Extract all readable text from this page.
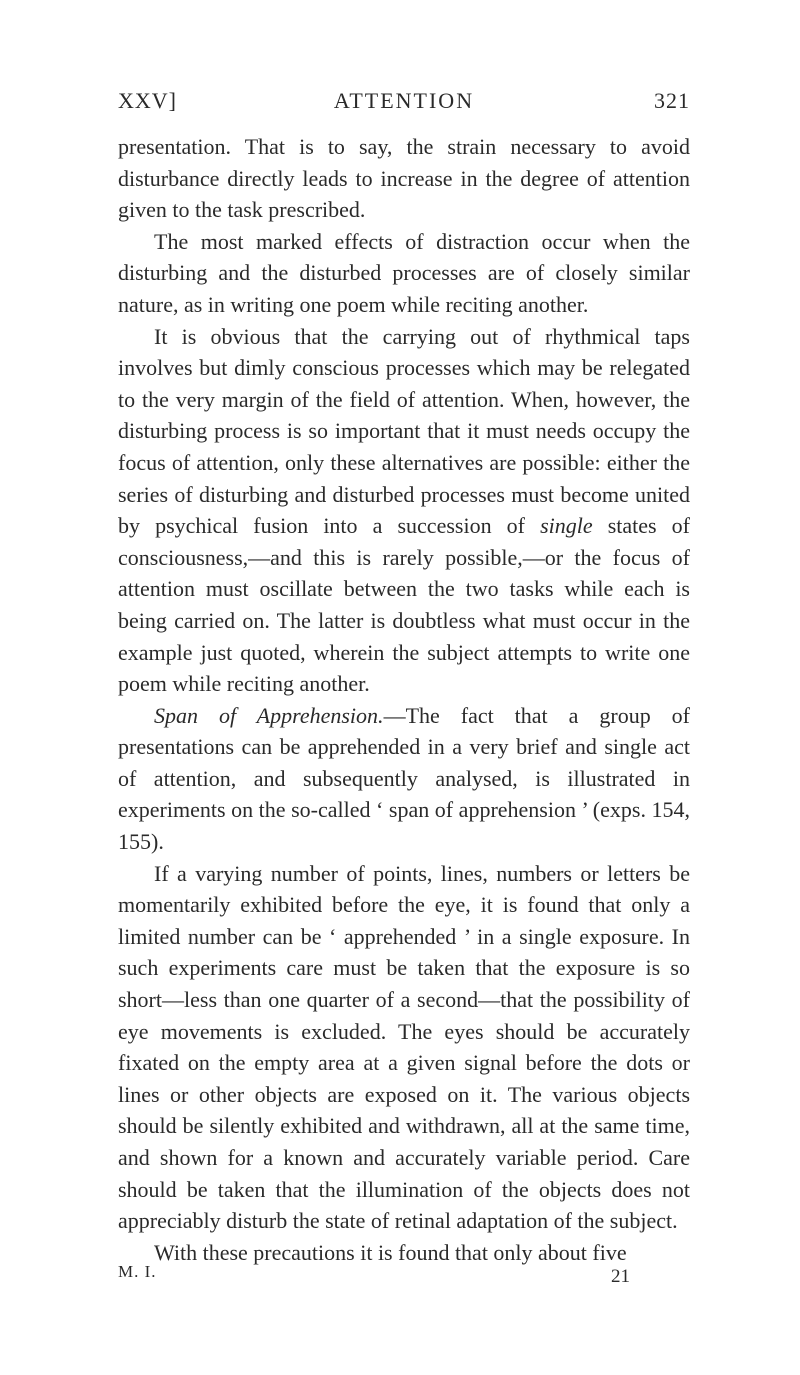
XXV]	ATTENTION	321

presentation. That is to say, the strain necessary to avoid disturbance directly leads to increase in the degree of attention given to the task prescribed.

The most marked effects of distraction occur when the disturbing and the disturbed processes are of closely similar nature, as in writing one poem while reciting another.

It is obvious that the carrying out of rhythmical taps involves but dimly conscious processes which may be relegated to the very margin of the field of attention. When, however, the disturbing process is so important that it must needs occupy the focus of attention, only these alternatives are possible: either the series of disturbing and disturbed processes must become united by psychical fusion into a succession of single states of consciousness,—and this is rarely possible,—or the focus of attention must oscillate between the two tasks while each is being carried on. The latter is doubtless what must occur in the example just quoted, wherein the subject attempts to write one poem while reciting another.

Span of Apprehension.—The fact that a group of presentations can be apprehended in a very brief and single act of attention, and subsequently analysed, is illustrated in experiments on the so-called ‘ span of apprehension ’ (exps. 154, 155).

If a varying number of points, lines, numbers or letters be momentarily exhibited before the eye, it is found that only a limited number can be ‘ apprehended ’ in a single exposure. In such experiments care must be taken that the exposure is so short—less than one quarter of a second—that the possibility of eye movements is excluded. The eyes should be accurately fixated on the empty area at a given signal before the dots or lines or other objects are exposed on it. The various objects should be silently exhibited and withdrawn, all at the same time, and shown for a known and accurately variable period. Care should be taken that the illumination of the objects does not appreciably disturb the state of retinal adaptation of the subject.

With these precautions it is found that only about five

M. I.	21
